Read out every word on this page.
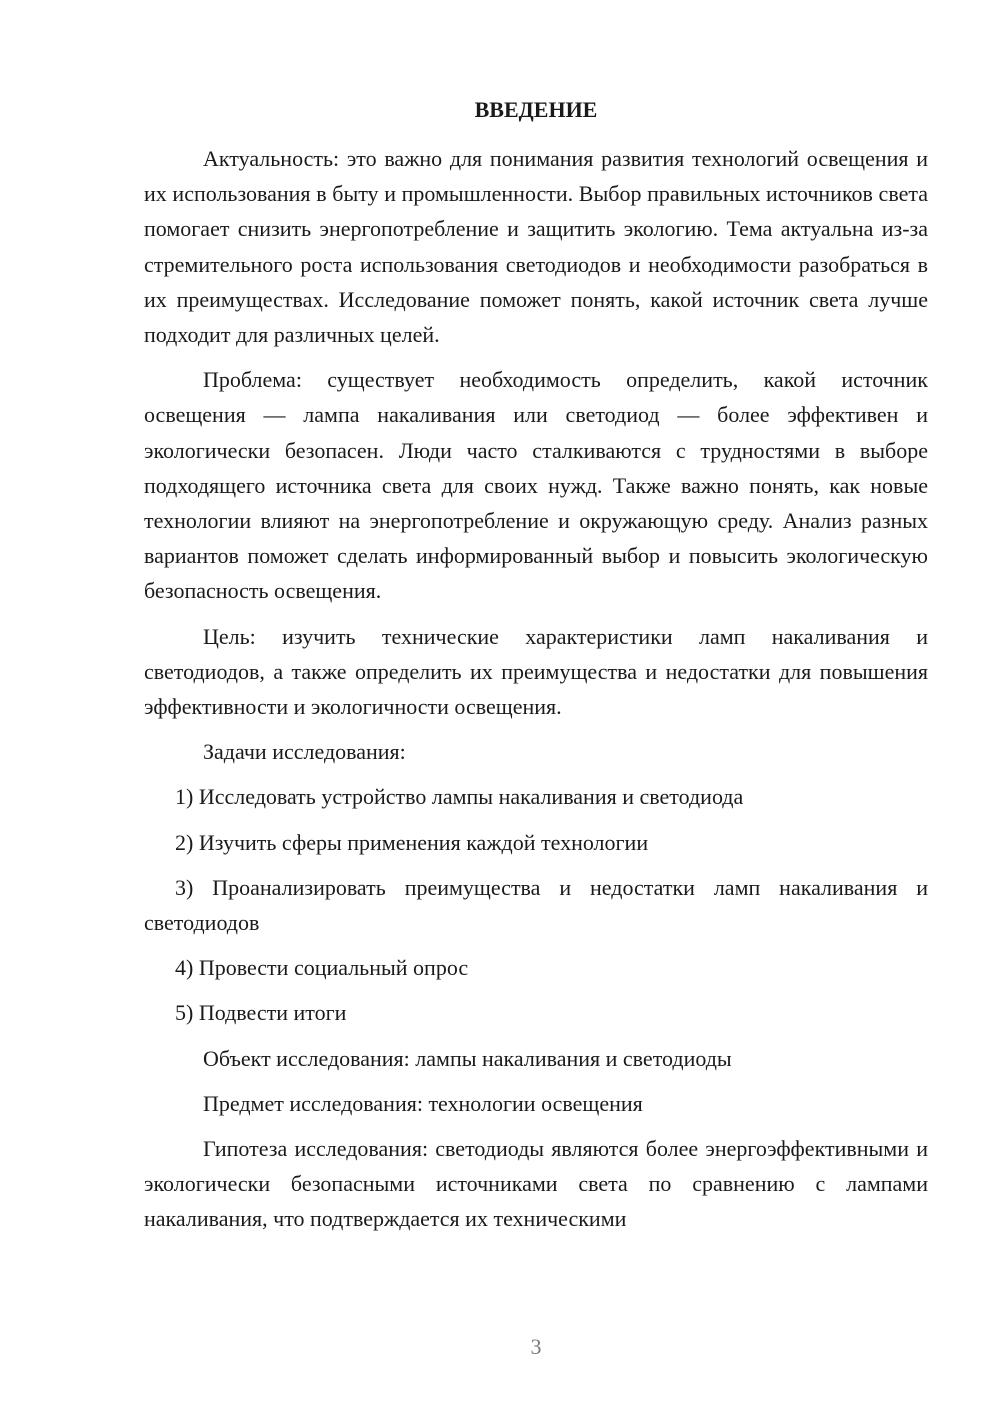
ВВЕДЕНИЕ

Актуальность: это важно для понимания развития технологий освещения и их использования в быту и промышленности. Выбор правильных источников света помогает снизить энергопотребление и защитить экологию. Тема актуальна из-за стремительного роста использования светодиодов и необходимости разобраться в их преимуществах. Исследование поможет понять, какой источник света лучше подходит для различных целей.

Проблема: существует необходимость определить, какой источник освещения — лампа накаливания или светодиод — более эффективен и экологически безопасен. Люди часто сталкиваются с трудностями в выборе подходящего источника света для своих нужд. Также важно понять, как новые технологии влияют на энергопотребление и окружающую среду. Анализ разных вариантов поможет сделать информированный выбор и повысить экологическую безопасность освещения.

Цель: изучить технические характеристики ламп накаливания и светодиодов, а также определить их преимущества и недостатки для повышения эффективности и экологичности освещения.

Задачи исследования:

1) Исследовать устройство лампы накаливания и светодиода

2) Изучить сферы применения каждой технологии

3) Проанализировать преимущества и недостатки ламп накаливания и светодиодов

4) Провести социальный опрос

5) Подвести итоги

Объект исследования: лампы накаливания и светодиоды

Предмет исследования: технологии освещения

Гипотеза исследования: светодиоды являются более энергоэффективными и экологически безопасными источниками света по сравнению с лампами накаливания, что подтверждается их техническими

3
